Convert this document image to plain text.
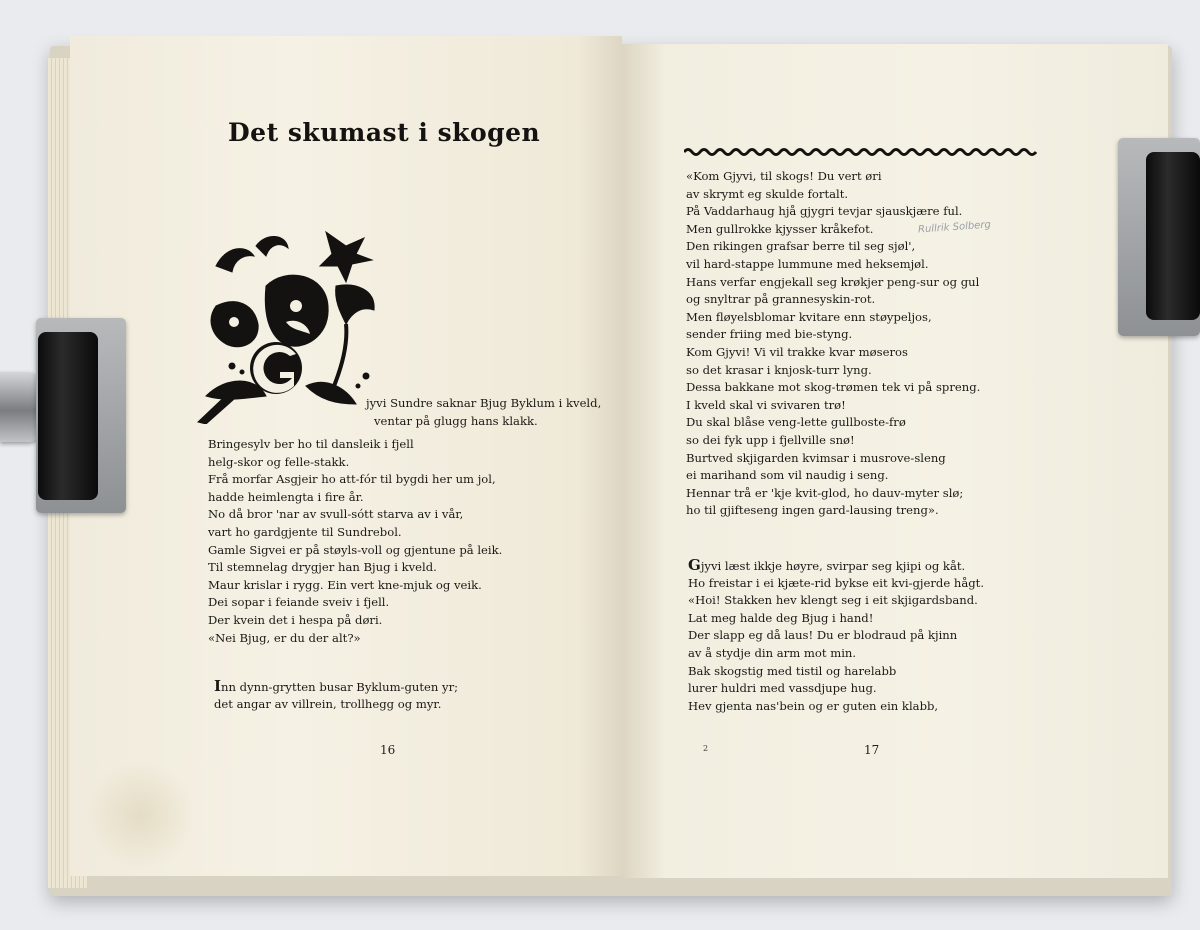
Det skumast i skogen
jyvi Sundre saknar Bjug Byklum i kveld,
ventar på glugg hans klakk.
Bringesylv ber ho til dansleik i fjell
helg-skor og felle-stakk.
Frå morfar Asgjeir ho att-fór til bygdi her um jol,
hadde heimlengta i fire år.
No då bror 'nar av svull-sótt starva av i vår,
vart ho gardgjente til Sundrebol.
Gamle Sigvei er på støyls-voll og gjentune på leik.
Til stemnelag drygjer han Bjug i kveld.
Maur krislar i rygg. Ein vert kne-mjuk og veik.
Dei sopar i feiande sveiv i fjell.
Der kvein det i hespa på døri.
«Nei Bjug, er du der alt?»
Inn dynn-grytten busar Byklum-guten yr;
det angar av villrein, trollhegg og myr.
16
«Kom Gjyvi, til skogs! Du vert øri
av skrymt eg skulde fortalt.
På Vaddarhaug hjå gjygri tevjar sjauskjære ful.
Men gullrokke kjysser kråkefot.
Den rikingen grafsar berre til seg sjøl',
vil hard-stappe lummune med heksemjøl.
Hans verfar engjekall seg krøkjer peng-sur og gul
og snyltrar på grannesyskin-rot.
Men fløyelsblomar kvitare enn støypeljos,
sender friing med bie-styng.
Kom Gjyvi! Vi vil trakke kvar møseros
so det krasar i knjosk-turr lyng.
Dessa bakkane mot skog-trømen tek vi på spreng.
I kveld skal vi svivaren trø!
Du skal blåse veng-lette gullboste-frø
so dei fyk upp i fjellville snø!
Burtved skjigarden kvimsar i musrove-sleng
ei marihand som vil naudig i seng.
Hennar trå er 'kje kvit-glod, ho dauv-myter slø;
ho til gjifteseng ingen gard-lausing treng».
Rullrik Solberg
Gjyvi læst ikkje høyre, svirpar seg kjipi og kåt.
Ho freistar i ei kjæte-rid bykse eit kvi-gjerde hågt.
«Hoi! Stakken hev klengt seg i eit skjigardsband.
Lat meg halde deg Bjug i hand!
Der slapp eg då laus! Du er blodraud på kjinn
av å stydje din arm mot min.
Bak skogstig med tistil og harelabb
lurer huldri med vassdjupe hug.
Hev gjenta nas'bein og er guten ein klabb,
2	17
